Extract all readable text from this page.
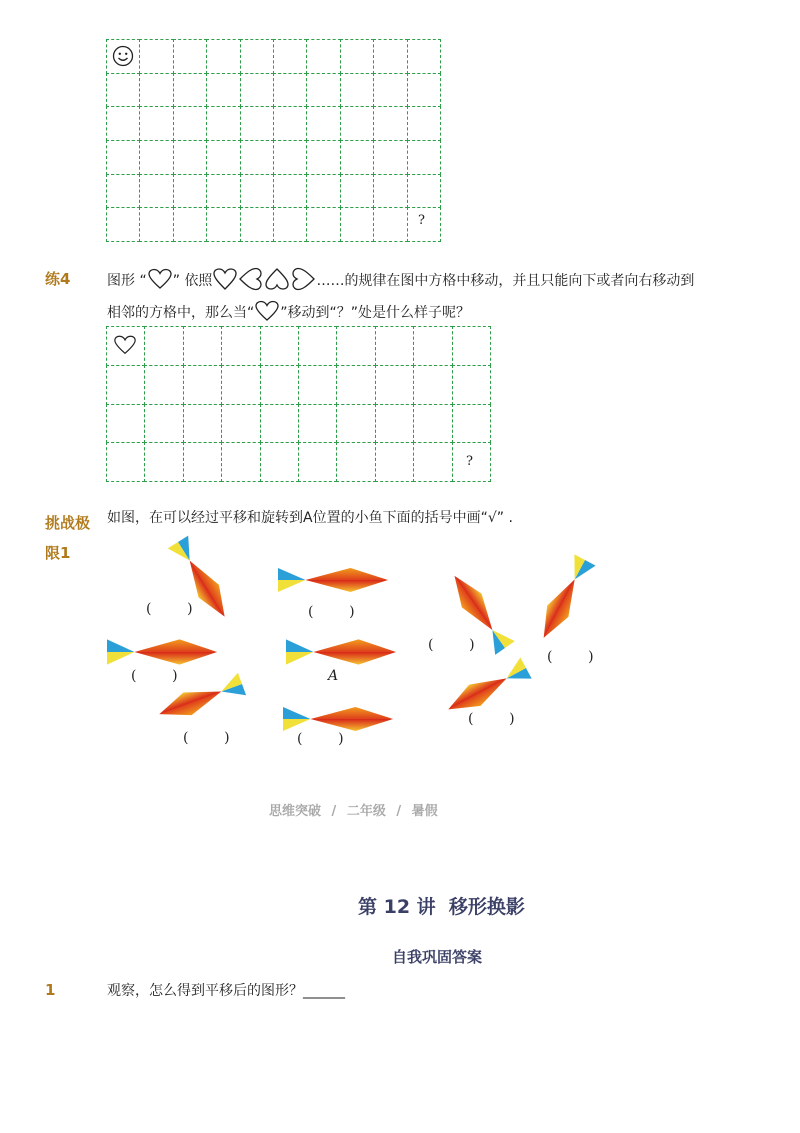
?
练4	图形 “ ” 依照	……的规律在图中方格中移动，并且只能向下或者向右移动到
相邻的方格中，那么当“ ”移动到“？”处是什么样子呢？
?
挑战极
限1
如图，在可以经过平移和旋转到A位置的小鱼下面的括号中画“√” .
(        )	(        )
(        )
(        )
(        )	A
(        )
(        )	(        )
思维突破 / 二年级 / 暑假
第 12 讲  移形换影
自我巩固答案
1	观察，怎么得到平移后的图形？______
